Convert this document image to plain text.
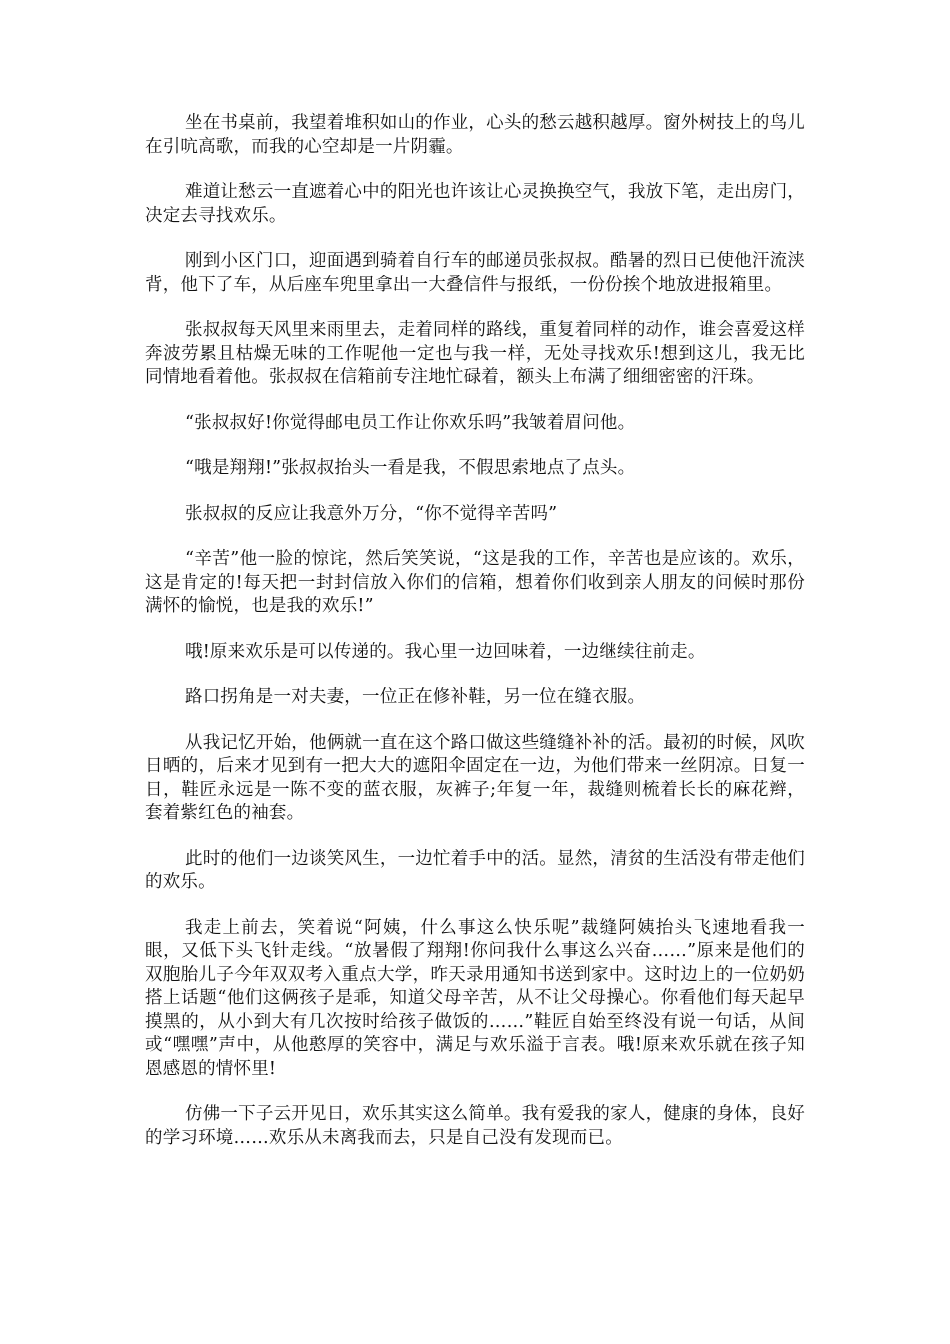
坐在书桌前，我望着堆积如山的作业，心头的愁云越积越厚。窗外树技上的鸟儿在引吭高歌，而我的心空却是一片阴霾。

难道让愁云一直遮着心中的阳光也许该让心灵换换空气，我放下笔，走出房门，决定去寻找欢乐。

刚到小区门口，迎面遇到骑着自行车的邮递员张叔叔。酷暑的烈日已使他汗流浃背，他下了车，从后座车兜里拿出一大叠信件与报纸，一份份挨个地放进报箱里。

张叔叔每天风里来雨里去，走着同样的路线，重复着同样的动作，谁会喜爱这样奔波劳累且枯燥无味的工作呢他一定也与我一样，无处寻找欢乐!想到这儿，我无比同情地看着他。张叔叔在信箱前专注地忙碌着，额头上布满了细细密密的汗珠。

“张叔叔好!你觉得邮电员工作让你欢乐吗”我皱着眉问他。

“哦是翔翔!”张叔叔抬头一看是我，不假思索地点了点头。

张叔叔的反应让我意外万分，“你不觉得辛苦吗”

“辛苦”他一脸的惊诧，然后笑笑说，“这是我的工作，辛苦也是应该的。欢乐，这是肯定的!每天把一封封信放入你们的信箱，想着你们收到亲人朋友的问候时那份满怀的愉悦，也是我的欢乐!”

哦!原来欢乐是可以传递的。我心里一边回味着，一边继续往前走。

路口拐角是一对夫妻，一位正在修补鞋，另一位在缝衣服。

从我记忆开始，他俩就一直在这个路口做这些缝缝补补的活。最初的时候，风吹日晒的，后来才见到有一把大大的遮阳伞固定在一边，为他们带来一丝阴凉。日复一日，鞋匠永远是一陈不变的蓝衣服，灰裤子;年复一年，裁缝则梳着长长的麻花辫，套着紫红色的袖套。

此时的他们一边谈笑风生，一边忙着手中的活。显然，清贫的生活没有带走他们的欢乐。

我走上前去，笑着说“阿姨，什么事这么快乐呢”裁缝阿姨抬头飞速地看我一眼，又低下头飞针走线。“放暑假了翔翔!你问我什么事这么兴奋……”原来是他们的双胞胎儿子今年双双考入重点大学，昨天录用通知书送到家中。这时边上的一位奶奶搭上话题“他们这俩孩子是乖，知道父母辛苦，从不让父母操心。你看他们每天起早摸黑的，从小到大有几次按时给孩子做饭的……”鞋匠自始至终没有说一句话，从间或“嘿嘿”声中，从他憨厚的笑容中，满足与欢乐溢于言表。哦!原来欢乐就在孩子知恩感恩的情怀里!

仿佛一下子云开见日，欢乐其实这么简单。我有爱我的家人，健康的身体，良好的学习环境……欢乐从未离我而去，只是自己没有发现而已。
